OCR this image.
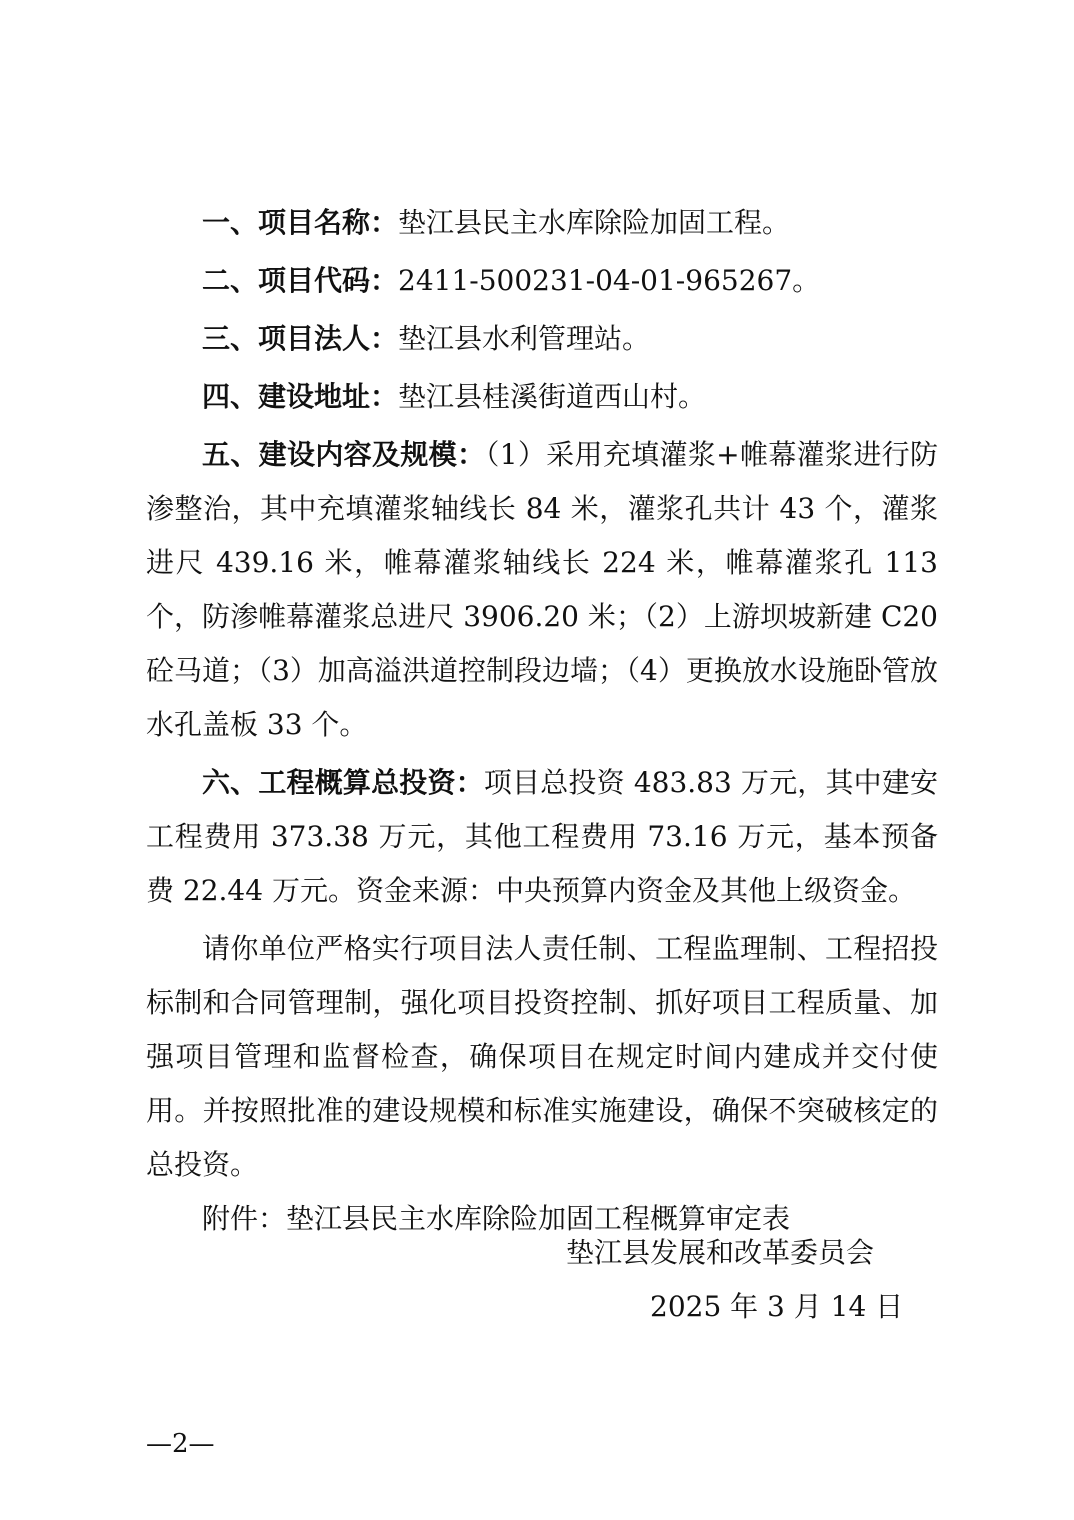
一、项目名称：垫江县民主水库除险加固工程。

二、项目代码：2411-500231-04-01-965267。

三、项目法人：垫江县水利管理站。

四、建设地址：垫江县桂溪街道西山村。

五、建设内容及规模：（1）采用充填灌浆+帷幕灌浆进行防渗整治，其中充填灌浆轴线长 84 米，灌浆孔共计 43 个，灌浆进尺 439.16 米，帷幕灌浆轴线长 224 米，帷幕灌浆孔 113 个，防渗帷幕灌浆总进尺 3906.20 米；（2）上游坝坡新建 C20 砼马道；（3）加高溢洪道控制段边墙；（4）更换放水设施卧管放水孔盖板 33 个。

六、工程概算总投资：项目总投资 483.83 万元，其中建安工程费用 373.38 万元，其他工程费用 73.16 万元，基本预备费 22.44 万元。资金来源：中央预算内资金及其他上级资金。

请你单位严格实行项目法人责任制、工程监理制、工程招投标制和合同管理制，强化项目投资控制、抓好项目工程质量、加强项目管理和监督检查，确保项目在规定时间内建成并交付使用。并按照批准的建设规模和标准实施建设，确保不突破核定的总投资。

附件：垫江县民主水库除险加固工程概算审定表

垫江县发展和改革委员会
2025 年 3 月 14 日
—2—
